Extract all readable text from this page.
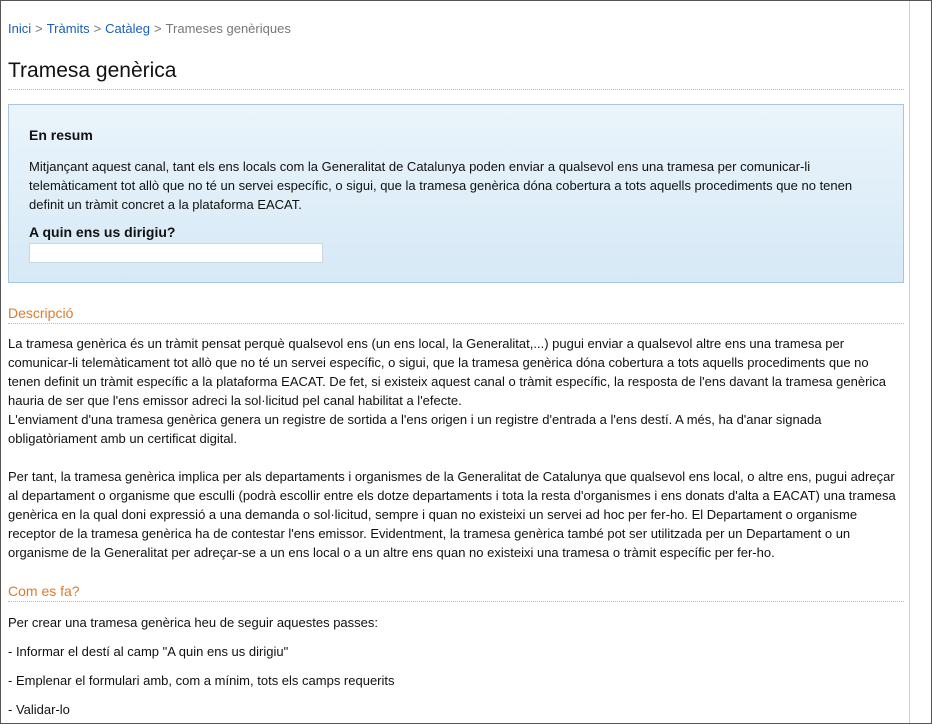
Inici > Tràmits > Catàleg > Trameses genèriques
Tramesa genèrica
En resum

Mitjançant aquest canal, tant els ens locals com la Generalitat de Catalunya poden enviar a qualsevol ens una tramesa per comunicar-li telemàticament tot allò que no té un servei específic, o sigui, que la tramesa genèrica dóna cobertura a tots aquells procediments que no tenen definit un tràmit concret a la plataforma EACAT.

A quin ens us dirigiu?
Descripció

La tramesa genèrica és un tràmit pensat perquè qualsevol ens (un ens local, la Generalitat,...) pugui enviar a qualsevol altre ens una tramesa per comunicar-li telemàticament tot allò que no té un servei específic, o sigui, que la tramesa genèrica dóna cobertura a tots aquells procediments que no tenen definit un tràmit específic a la plataforma EACAT. De fet, si existeix aquest canal o tràmit específic, la resposta de l'ens davant la tramesa genèrica hauria de ser que l'ens emissor adreci la sol·licitud pel canal habilitat a l'efecte.

L'enviament d'una tramesa genèrica genera un registre de sortida a l'ens origen i un registre d'entrada a l'ens destí. A més, ha d'anar signada obligatòriament amb un certificat digital.

Per tant, la tramesa genèrica implica per als departaments i organismes de la Generalitat de Catalunya que qualsevol ens local, o altre ens, pugui adreçar al departament o organisme que esculli (podrà escollir entre els dotze departaments i tota la resta d'organismes i ens donats d'alta a EACAT) una tramesa genèrica en la qual doni expressió a una demanda o sol·licitud, sempre i quan no existeixi un servei ad hoc per fer-ho. El Departament o organisme receptor de la tramesa genèrica ha de contestar l'ens emissor. Evidentment, la tramesa genèrica també pot ser utilitzada per un Departament o un organisme de la Generalitat per adreçar-se a un ens local o a un altre ens quan no existeixi una tramesa o tràmit específic per fer-ho.

Com es fa?

Per crear una tramesa genèrica heu de seguir aquestes passes:

- Informar el destí al camp "A quin ens us dirigiu"

- Emplenar el formulari amb, com a mínim, tots els camps requerits

- Validar-lo
